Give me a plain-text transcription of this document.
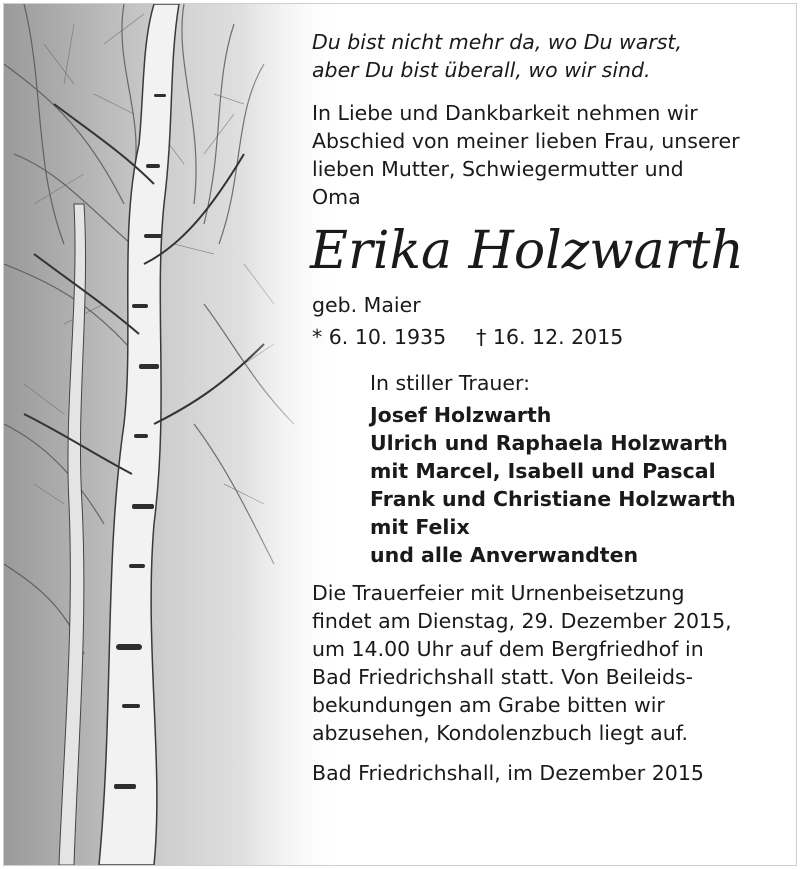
Du bist nicht mehr da, wo Du warst,
aber Du bist überall, wo wir sind.
In Liebe und Dankbarkeit nehmen wir
Abschied von meiner lieben Frau, unserer
lieben Mutter, Schwiegermutter und
Oma
Erika Holzwarth
geb. Maier
* 6. 10. 1935 † 16. 12. 2015
In stiller Trauer:
Josef Holzwarth
Ulrich und Raphaela Holzwarth
mit Marcel, Isabell und Pascal
Frank und Christiane Holzwarth
mit Felix
und alle Anverwandten
Die Trauerfeier mit Urnenbeisetzung
findet am Dienstag, 29. Dezember 2015,
um 14.00 Uhr auf dem Bergfriedhof in
Bad Friedrichshall statt. Von Beileids-
bekundungen am Grabe bitten wir
abzusehen, Kondolenzbuch liegt auf.
Bad Friedrichshall, im Dezember 2015
